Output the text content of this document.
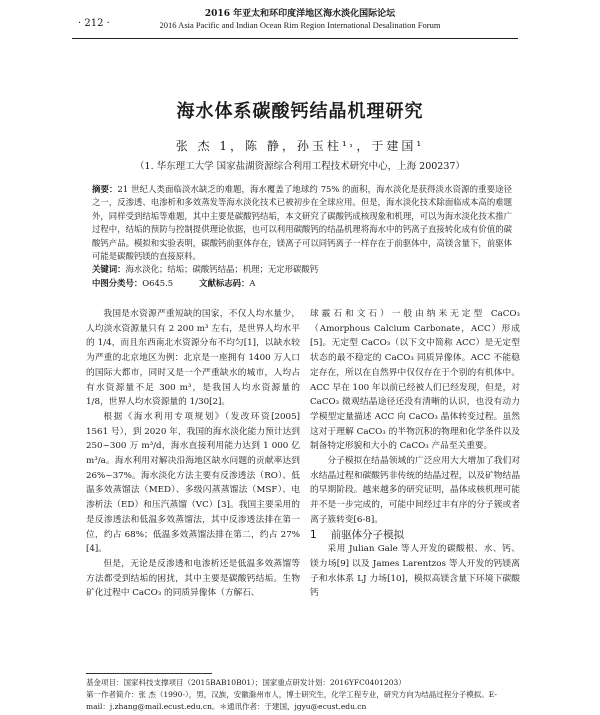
· 212 ·
2016 年亚太和环印度洋地区海水淡化国际论坛
2016 Asia Pacific and Indian Ocean Rim Region International Desalination Forum
海水体系碳酸钙结晶机理研究
张 杰 1，陈 静，孙玉柱¹˒，于建国¹
（1. 华东理工大学 国家盐湖资源综合利用工程技术研究中心，上海 200237）

摘要：21 世纪人类面临淡水缺乏的难题，海水覆盖了地球约 75% 的面积，海水淡化是获得淡水资源的重要途径之一，反渗透、电渗析和多效蒸发等海水淡化技术已被初步在全球应用。但是，海水淡化技术除面临成本高的难题外，同样受到结垢等难题，其中主要是碳酸钙结垢，本文研究了碳酸钙成核现象和机理，可以为海水淡化技术推广过程中，结垢的预防与控制提供理论依据，也可以利用碳酸钙的结晶机理将海水中的钙离子直接转化成有价值的碳酸钙产品。模拟和实验表明，碳酸钙前驱体存在，镁离子可以同钙离子一样存在于前驱体中，高镁含量下，前驱体可能是碳酸钙镁的直接原料。

关键词：海水淡化；结垢；碳酸钙结晶；机理；无定形碳酸钙

中图分类号：O645.5	文献标志码：A

我国是水资源严重短缺的国家，不仅人均水量少，人均淡水资源量只有 2 200 m³ 左右，是世界人均水平的 1/4，而且东西南北水资源分布不均匀[1]，以缺水较为严重的北京地区为例：北京是一座拥有 1400 万人口的国际大都市，同时又是一个严重缺水的城市，人均占有水资源量不足 300 m³，是我国人均水资源量的 1/8，世界人均水资源量的 1/30[2]。

根据《海水利用专项规划》（发改环资[2005] 1561 号），到 2020 年，我国的海水淡化能力预计达到 250~300 万 m³/d，海水直接利用能力达到 1 000 亿 m³/a。海水利用对解决沿海地区缺水问题的贡献率达到 26%~37%。海水淡化方法主要有反渗透法（RO）、低温多效蒸馏法（MED）、多级闪蒸蒸馏法（MSF）、电渗析法（ED）和压汽蒸馏（VC）[3]。我国主要采用的是反渗透法和低温多效蒸馏法，其中反渗透法排在第一位，约占 68%；低温多效蒸馏法排在第二，约占 27%[4]。

但是，无论是反渗透和电渗析还是低温多效蒸馏等方法都受到结垢的困扰，其中主要是碳酸钙结垢。生物矿化过程中 CaCO₃ 的同质异像体（方解石、

球霰石和文石）一般由纳米无定型 CaCO₃（Amorphous Calcium Carbonate，ACC）形成[5]。无定型 CaCO₃（以下文中简称 ACC）是无定型状态的最不稳定的 CaCO₃ 同质异像体。ACC 不能稳定存在，所以在自然界中仅仅存在于个别的有机体中。ACC 早在 100 年以前已经被人们已经发现，但是，对 CaCO₃ 微观结晶途径还没有清晰的认识，也没有动力学模型定量描述 ACC 向 CaCO₃ 晶体转变过程。虽然这对于理解 CaCO₃ 的半物沉积的物理和化学条件以及制备特定形貌和大小的 CaCO₃ 产品至关重要。

分子模拟在结晶领域的广泛应用大大增加了我们对水结晶过程和碳酸钙非传统的结晶过程，以及矿物结晶的早期阶段。越来越多的研究证明，晶体成核机理可能并不是一步完成的，可能中间经过丰有序的分子簇或者离子簇转变[6-8]。

1 前驱体分子模拟

采用 Julian Gale 等人开发的碳酸根、水、钙、镁力场[9] 以及 James Larentzos 等人开发的钙镁离子和水体系 LJ 力场[10]，模拟高镁含量下环境下碳酸钙

基金项目：国家科技支撑项目（2015BAB10B01）；国家重点研发计划：2016YFC0401203）
第一作者简介：张 杰（1990-），男，汉族，安徽滁州市人，博士研究生，化学工程专业，研究方向为结晶过程分子模拟。E-mail：j.zhang@mail.ecust.edu.cn。＊通讯作者：于建国，jgyu@ecust.edu.cn
